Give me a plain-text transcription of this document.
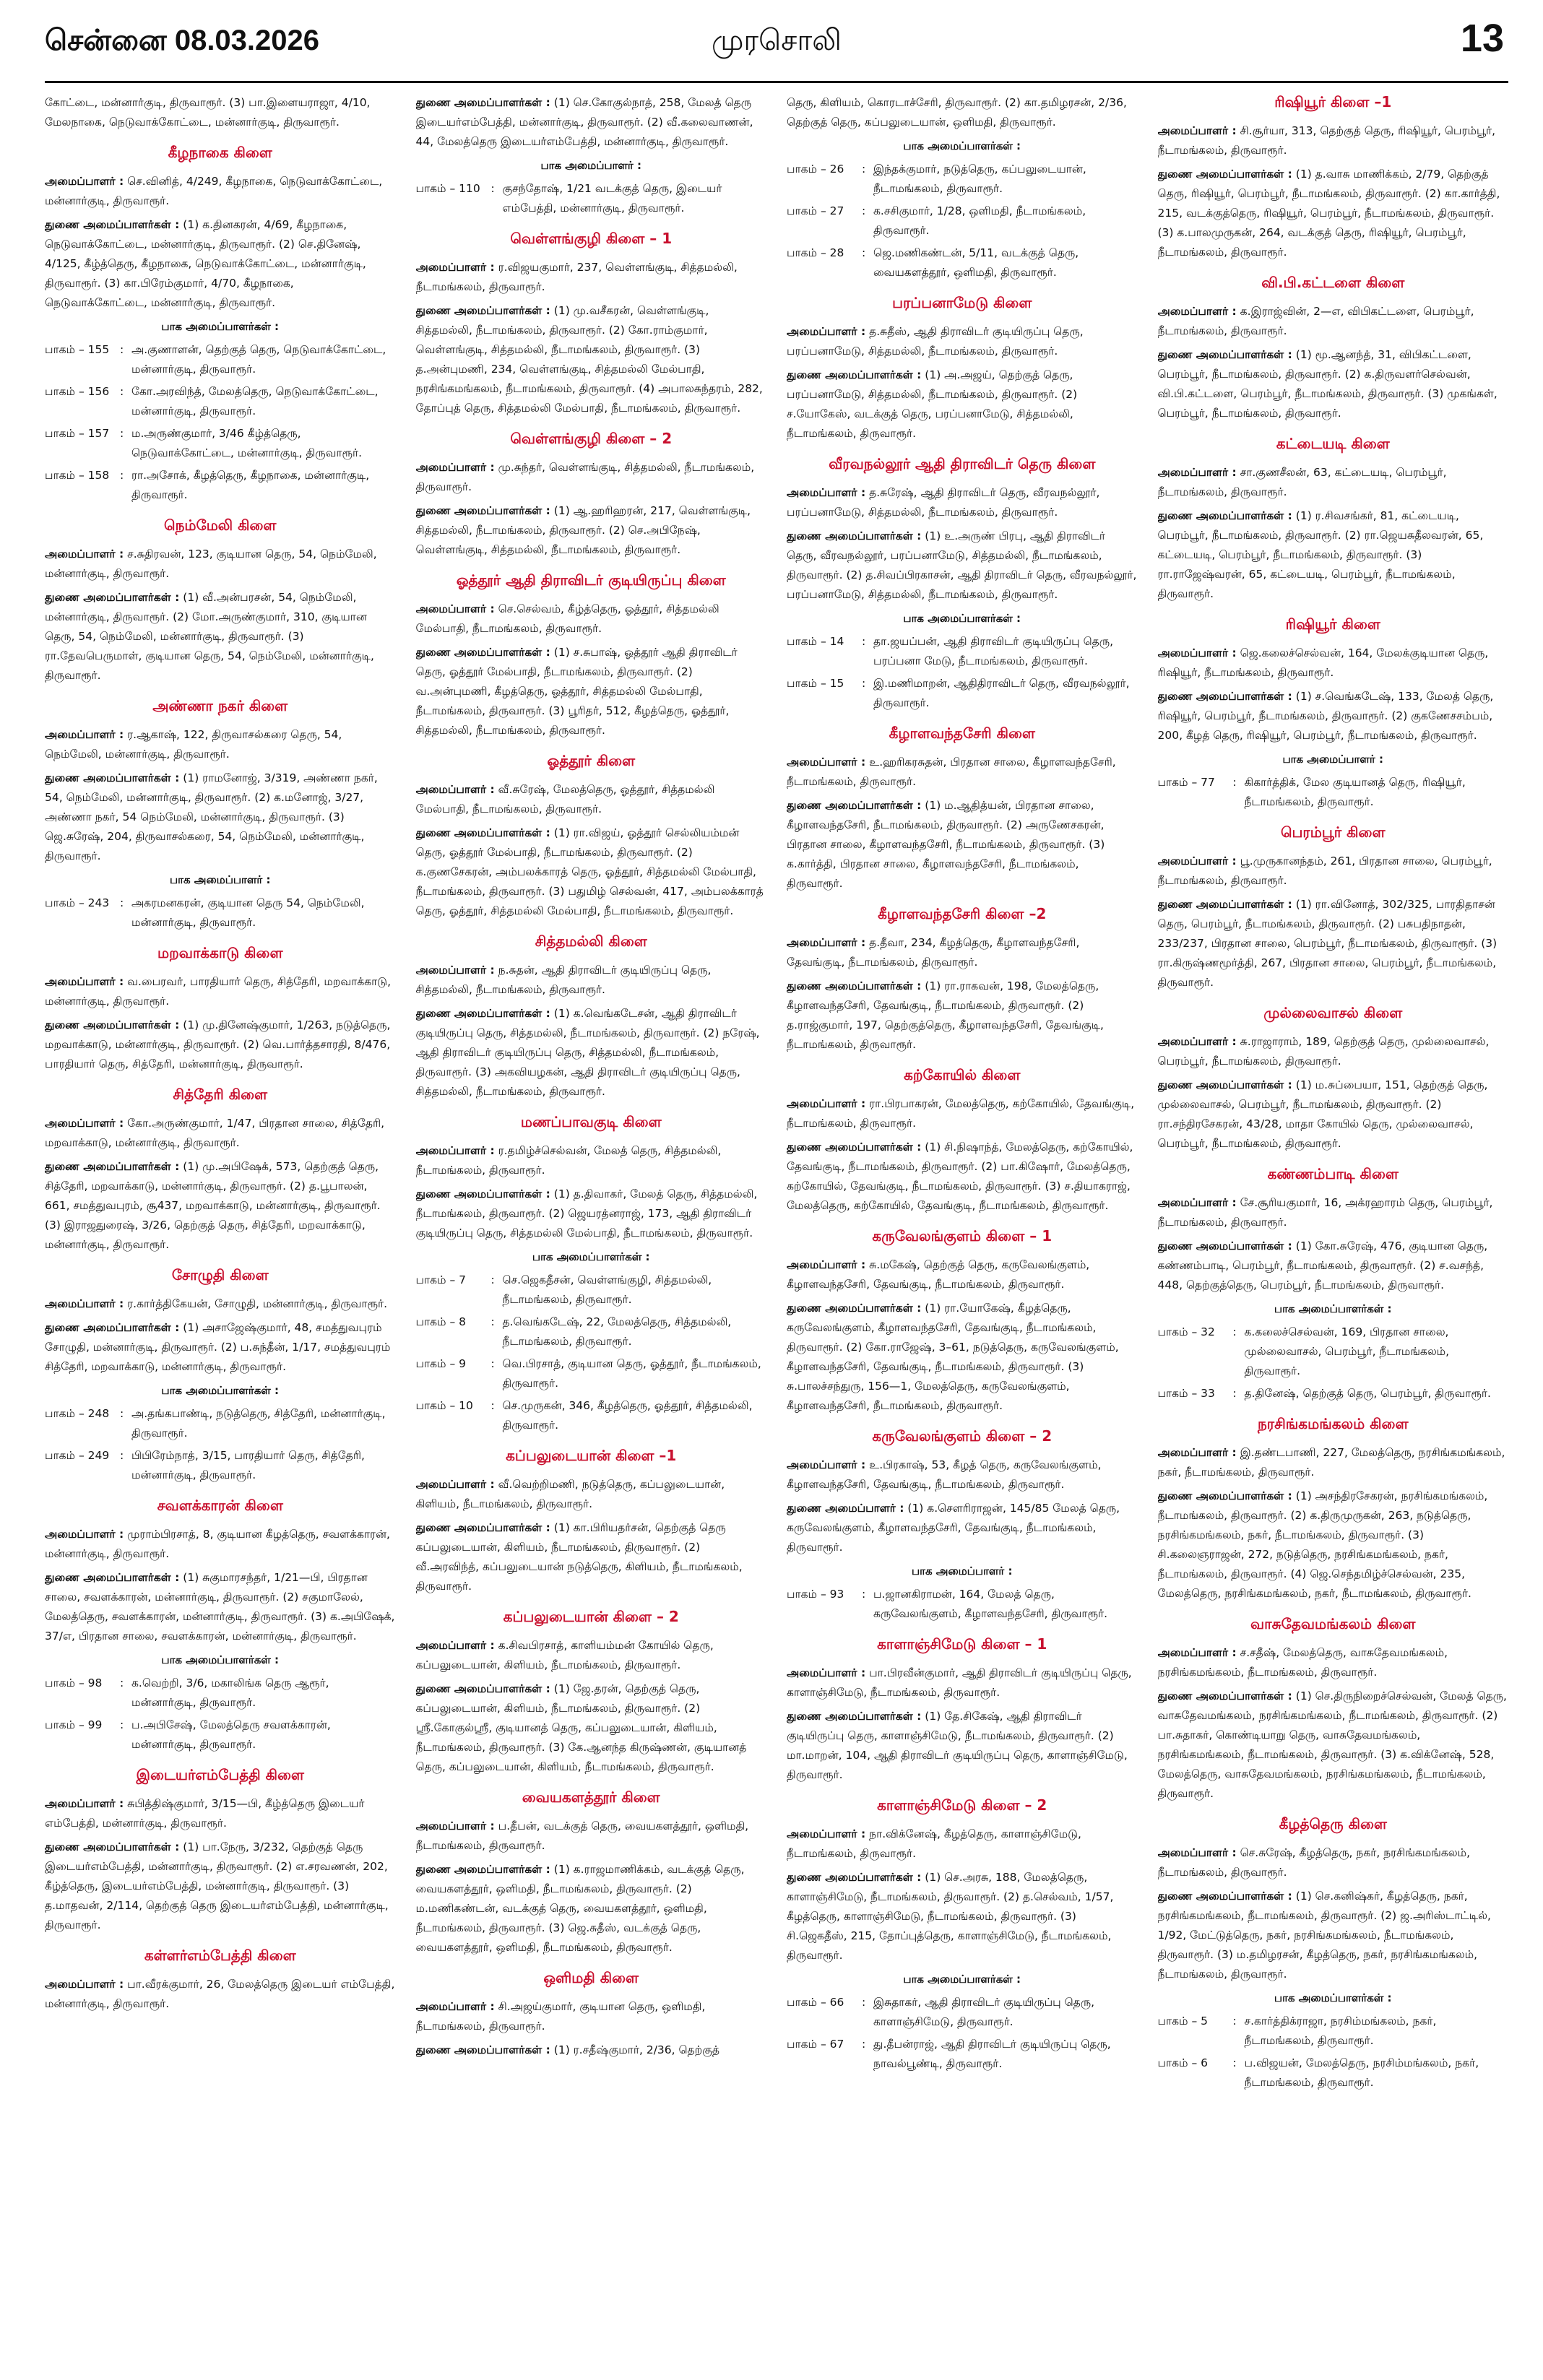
சென்னை 08.03.2026	முரசொலி	13

கோட்டை, மன்னார்குடி, திருவாரூர். (3) பா.இளையராஜா, 4/10, மேலநாகை, நெடுவாக்கோட்டை, மன்னார்குடி, திருவாரூர்.

கீழநாகை கிளை

அமைப்பாளர் : செ.வினித், 4/249, கீழநாகை, நெடுவாக்கோட்டை, மன்னார்குடி, திருவாரூர்.

துணை அமைப்பாளர்கள் : (1) க.தினகரன், 4/69, கீழநாகை, நெடுவாக்கோட்டை, மன்னார்குடி, திருவாரூர். (2) செ.தினேஷ், 4/125, கீழ்த்தெரு, கீழநாகை, நெடுவாக்கோட்டை, மன்னார்குடி, திருவாரூர். (3) கா.பிரேம்குமார், 4/70, கீழநாகை, நெடுவாக்கோட்டை, மன்னார்குடி, திருவாரூர்.

பாக அமைப்பாளர்கள் :
பாகம் – 155 : அ.குணாளன், தெற்குத் தெரு, நெடுவாக்கோட்டை, மன்னார்குடி, திருவாரூர்.
பாகம் – 156 : கோ.அரவிந்த், மேலத்தெரு, நெடுவாக்கோட்டை, மன்னார்குடி, திருவாரூர்.
பாகம் – 157 : ம.அருண்குமார், 3/46 கீழ்த்தெரு, நெடுவாக்கோட்டை, மன்னார்குடி, திருவாரூர்.
பாகம் – 158 : ரா.அசோக், கீழத்தெரு, கீழநாகை, மன்னார்குடி, திருவாரூர்.
நெம்மேலி கிளை

அமைப்பாளர் : ச.சுதிரவன், 123, குடியான தெரு, 54, நெம்மேலி, மன்னார்குடி, திருவாரூர்.

துணை அமைப்பாளர்கள் : (1) வீ.அன்பரசன், 54, நெம்மேலி, மன்னார்குடி, திருவாரூர். (2) மோ.அருண்குமார், 310, குடியான தெரு, 54, நெம்மேலி, மன்னார்குடி, திருவாரூர். (3) ரா.தேவபெருமாள், குடியான தெரு, 54, நெம்மேலி, மன்னார்குடி, திருவாரூர்.

அண்ணா நகர் கிளை

அமைப்பாளர் : ர.ஆகாஷ், 122, திருவாசல்கரை தெரு, 54, நெம்மேலி, மன்னார்குடி, திருவாரூர்.

துணை அமைப்பாளர்கள் : (1) ராமனோஜ், 3/319, அண்ணா நகர், 54, நெம்மேலி, மன்னார்குடி, திருவாரூர். (2) க.மனோஜ், 3/27, அண்ணா நகர், 54 நெம்மேலி, மன்னார்குடி, திருவாரூர். (3) ஜெ.சுரேஷ், 204, திருவாசல்கரை, 54, நெம்மேலி, மன்னார்குடி, திருவாரூர்.

பாக அமைப்பாளர் :
பாகம் – 243 : அகரமனகரன், குடியான தெரு 54, நெம்மேலி, மன்னார்குடி, திருவாரூர்.
மறவாக்காடு கிளை

அமைப்பாளர் : வ.பைரவர், பாரதியார் தெரு, சித்தேரி, மறவாக்காடு, மன்னார்குடி, திருவாரூர்.

துணை அமைப்பாளர்கள் : (1) மு.தினேஷ்குமார், 1/263, நடுத்தெரு, மறவாக்காடு, மன்னார்குடி, திருவாரூர். (2) வெ.பார்த்தசாரதி, 8/476, பாரதியார் தெரு, சித்தேரி, மன்னார்குடி, திருவாரூர்.

சித்தேரி கிளை

அமைப்பாளர் : கோ.அருண்குமார், 1/47, பிரதான சாலை, சித்தேரி, மறவாக்காடு, மன்னார்குடி, திருவாரூர்.

துணை அமைப்பாளர்கள் : (1) மு.அபிஷேக், 573, தெற்குத் தெரு, சித்தேரி, மறவாக்காடு, மன்னார்குடி, திருவாரூர். (2) த.பூபாலன், 661, சமத்துவபுரம், சூ437, மறவாக்காடு, மன்னார்குடி, திருவாரூர். (3) இராஜதுரைஷ், 3/26, தெற்குத் தெரு, சித்தேரி, மறவாக்காடு, மன்னார்குடி, திருவாரூர்.

சோழுதி கிளை

அமைப்பாளர் : ர.கார்த்திகேயன், சோழுதி, மன்னார்குடி, திருவாரூர்.

துணை அமைப்பாளர்கள் : (1) அசாஜேஷ்குமார், 48, சமத்துவபுரம் சோழுதி, மன்னார்குடி, திருவாரூர். (2) ப.சுந்தீன், 1/17, சமத்துவபுரம் சித்தேரி, மறவாக்காடு, மன்னார்குடி, திருவாரூர்.

பாக அமைப்பாளர்கள் :
பாகம் – 248 : அ.தங்கபாண்டி, நடுத்தெரு, சித்தேரி, மன்னார்குடி, திருவாரூர்.
பாகம் – 249 : பிபிரேம்நாத், 3/15, பாரதியார் தெரு, சித்தேரி, மன்னார்குடி, திருவாரூர்.
சவளக்காரன் கிளை

அமைப்பாளர் : முராம்பிரசாத், 8, குடியான கீழத்தெரு, சவளக்காரன், மன்னார்குடி, திருவாரூர்.

துணை அமைப்பாளர்கள் : (1) சுகுமாரசந்தர், 1/21—பி, பிரதான சாலை, சவளக்காரன், மன்னார்குடி, திருவாரூர். (2) சகுமாலேல், மேலத்தெரு, சவளக்காரன், மன்னார்குடி, திருவாரூர். (3) க.அபிஷேக், 37/எ, பிரதான சாலை, சவளக்காரன், மன்னார்குடி, திருவாரூர்.

பாக அமைப்பாளர்கள் :
பாகம் – 98	: க.வெற்றி, 3/6, மகாலிங்க தெரு ஆரூர், மன்னார்குடி, திருவாரூர்.
பாகம் – 99	: ப.அபிசேஷ், மேலத்தெரு சவளக்காரன், மன்னார்குடி, திருவாரூர்.
இடையர்எம்பேத்தி கிளை

அமைப்பாளர் : சுபித்திஷ்குமார், 3/15—பி, கீழ்த்தெரு இடையர் எம்பேத்தி, மன்னார்குடி, திருவாரூர்.

துணை அமைப்பாளர்கள் : (1) பா.நேரு, 3/232, தெற்குத் தெரு இடையர்எம்பேத்தி, மன்னார்குடி, திருவாரூர். (2) எ.சரவணன், 202, கீழ்த்தெரு, இடையர்எம்பேத்தி, மன்னார்குடி, திருவாரூர். (3) த.மாதவன், 2/114, தெற்குத் தெரு இடையர்எம்பேத்தி, மன்னார்குடி, திருவாரூர்.

கள்ளர்எம்பேத்தி கிளை

அமைப்பாளர் : பா.வீரக்குமார், 26, மேலத்தெரு இடையர் எம்பேத்தி, மன்னார்குடி, திருவாரூர்.

துணை அமைப்பாளர்கள் : (1) செ.கோகுல்நாத், 258, மேலத் தெரு இடையர்எம்பேத்தி, மன்னார்குடி, திருவாரூர். (2) வீ.கலைவாணன், 44, மேலத்தெரு இடையர்எம்பேத்தி, மன்னார்குடி, திருவாரூர்.

பாக அமைப்பாளர் :
பாகம் – 110 : குசந்தோஷ், 1/21 வடக்குத் தெரு, இடையர் எம்பேத்தி, மன்னார்குடி, திருவாரூர்.
வெள்ளங்குழி கிளை – 1

அமைப்பாளர் : ர.விஜயகுமார், 237, வெள்ளங்குடி, சித்தமல்லி, நீடாமங்கலம், திருவாரூர்.

துணை அமைப்பாளர்கள் : (1) மு.வசீகரன், வெள்ளங்குடி, சித்தமல்லி, நீடாமங்கலம், திருவாரூர். (2) கோ.ராம்குமார், வெள்ளங்குடி, சித்தமல்லி, நீடாமங்கலம், திருவாரூர். (3) த.அன்புமணி, 234, வெள்ளங்குடி, சித்தமல்லி மேல்பாதி, நரசிங்கமங்கலம், நீடாமங்கலம், திருவாரூர். (4) அபாலசுந்தரம், 282, தோப்புத் தெரு, சித்தமல்லி மேல்பாதி, நீடாமங்கலம், திருவாரூர்.

வெள்ளங்குழி கிளை – 2

அமைப்பாளர் : மு.சுந்தர், வெள்ளங்குடி, சித்தமல்லி, நீடாமங்கலம், திருவாரூர்.

துணை அமைப்பாளர்கள் : (1) ஆ.ஹரிஹரன், 217, வெள்ளங்குடி, சித்தமல்லி, நீடாமங்கலம், திருவாரூர். (2) செ.அபிநேஷ், வெள்ளங்குடி, சித்தமல்லி, நீடாமங்கலம், திருவாரூர்.

ஓத்தூர் ஆதி திராவிடர் குடியிருப்பு கிளை

அமைப்பாளர் : செ.செல்வம், கீழ்த்தெரு, ஓத்தூர், சித்தமல்லி மேல்பாதி, நீடாமங்கலம், திருவாரூர்.

துணை அமைப்பாளர்கள் : (1) ச.சுபாஷ், ஓத்தூர் ஆதி திராவிடர் தெரு, ஓத்தூர் மேல்பாதி, நீடாமங்கலம், திருவாரூர். (2) வ.அன்புமணி, கீழத்தெரு, ஓத்தூர், சித்தமல்லி மேல்பாதி, நீடாமங்கலம், திருவாரூர். (3) பூரிதர், 512, கீழத்தெரு, ஓத்தூர், சித்தமல்லி, நீடாமங்கலம், திருவாரூர்.

ஓத்தூர் கிளை

அமைப்பாளர் : வீ.சுரேஷ், மேலத்தெரு, ஓத்தூர், சித்தமல்லி மேல்பாதி, நீடாமங்கலம், திருவாரூர்.

துணை அமைப்பாளர்கள் : (1) ரா.விஜய், ஓத்தூர் செல்லியம்மன் தெரு, ஓத்தூர் மேல்பாதி, நீடாமங்கலம், திருவாரூர். (2) க.குணசேகரன், அம்பலக்காரத் தெரு, ஓத்தூர், சித்தமல்லி மேல்பாதி, நீடாமங்கலம், திருவாரூர். (3) பதுமிழ் செல்வன், 417, அம்பலக்காரத் தெரு, ஓத்தூர், சித்தமல்லி மேல்பாதி, நீடாமங்கலம், திருவாரூர்.

சித்தமல்லி கிளை

அமைப்பாளர் : ந.சுதன், ஆதி திராவிடர் குடியிருப்பு தெரு, சித்தமல்லி, நீடாமங்கலம், திருவாரூர்.

துணை அமைப்பாளர்கள் : (1) க.வெங்கடேசன், ஆதி திராவிடர் குடியிருப்பு தெரு, சித்தமல்லி, நீடாமங்கலம், திருவாரூர். (2) நரேஷ், ஆதி திராவிடர் குடியிருப்பு தெரு, சித்தமல்லி, நீடாமங்கலம், திருவாரூர். (3) அகவியழகன், ஆதி திராவிடர் குடியிருப்பு தெரு, சித்தமல்லி, நீடாமங்கலம், திருவாரூர்.

மணப்பாவகுடி கிளை

அமைப்பாளர் : ர.தமிழ்ச்செல்வன், மேலத் தெரு, சித்தமல்லி, நீடாமங்கலம், திருவாரூர்.

துணை அமைப்பாளர்கள் : (1) த.திவாகர், மேலத் தெரு, சித்தமல்லி, நீடாமங்கலம், திருவாரூர். (2) ஜெயரத்னராஜ், 173, ஆதி திராவிடர் குடியிருப்பு தெரு, சித்தமல்லி மேல்பாதி, நீடாமங்கலம், திருவாரூர்.

பாக அமைப்பாளர்கள் :
பாகம் – 7	: செ.ஜெகதீசன், வெள்ளங்குழி, சித்தமல்லி, நீடாமங்கலம், திருவாரூர்.
பாகம் – 8	: த.வெங்கடேஷ், 22, மேலத்தெரு, சித்தமல்லி, நீடாமங்கலம், திருவாரூர்.
பாகம் – 9	: வெ.பிரசாத், குடியான தெரு, ஓத்தூர், நீடாமங்கலம், திருவாரூர்.
பாகம் – 10	: செ.முருகன், 346, கீழத்தெரு, ஓத்தூர், சித்தமல்லி, திருவாரூர்.
கப்பலுடையான் கிளை –1

அமைப்பாளர் : வீ.வெற்றிமணி, நடுத்தெரு, கப்பலுடையான், கிளியம், நீடாமங்கலம், திருவாரூர்.

துணை அமைப்பாளர்கள் : (1) கா.பிரியதர்சன், தெற்குத் தெரு கப்பலுடையான், கிளியம், நீடாமங்கலம், திருவாரூர். (2) வீ.அரவிந்த், கப்பலுடையான் நடுத்தெரு, கிளியம், நீடாமங்கலம், திருவாரூர்.

கப்பலுடையான் கிளை – 2

அமைப்பாளர் : க.சிவபிரசாத், காளியம்மன் கோயில் தெரு, கப்பலுடையான், கிளியம், நீடாமங்கலம், திருவாரூர்.

துணை அமைப்பாளர்கள் : (1) ஜே.தரன், தெற்குத் தெரு, கப்பலுடையான், கிளியம், நீடாமங்கலம், திருவாரூர். (2) ஸ்ரீ.கோகுல்ஸ்ரீ, குடியானத் தெரு, கப்பலுடையான், கிளியம், நீடாமங்கலம், திருவாரூர். (3) கே.ஆனந்த கிருஷ்ணன், குடியானத் தெரு, கப்பலுடையான், கிளியம், நீடாமங்கலம், திருவாரூர்.

வையகளத்தூர் கிளை

அமைப்பாளர் : ப.தீபன், வடக்குத் தெரு, வையகளத்தூர், ஒளிமதி, நீடாமங்கலம், திருவாரூர்.

துணை அமைப்பாளர்கள் : (1) க.ராஜமாணிக்கம், வடக்குத் தெரு, வையகளத்தூர், ஒளிமதி, நீடாமங்கலம், திருவாரூர். (2) ம.மணிகண்டன், வடக்குத் தெரு, வையகளத்தூர், ஒளிமதி, நீடாமங்கலம், திருவாரூர். (3) ஜெ.சுதீஸ், வடக்குத் தெரு, வையகளத்தூர், ஒளிமதி, நீடாமங்கலம், திருவாரூர்.

ஒளிமதி கிளை

அமைப்பாளர் : சி.அஜய்குமார், குடியான தெரு, ஒளிமதி, நீடாமங்கலம், திருவாரூர்.

துணை அமைப்பாளர்கள் : (1) ர.சதீஷ்குமார், 2/36, தெற்குத்

தெரு, கிளியம், கொரடாச்சேரி, திருவாரூர். (2) கா.தமிழரசன், 2/36, தெற்குத் தெரு, கப்பலுடையான், ஒளிமதி, திருவாரூர்.

பாக அமைப்பாளர்கள் :
பாகம் – 26	: இந்தக்குமார், நடுத்தெரு, கப்பலுடையான், நீடாமங்கலம், திருவாரூர்.
பாகம் – 27	: க.சசிகுமார், 1/28, ஒளிமதி, நீடாமங்கலம், திருவாரூர்.
பாகம் – 28	: ஜெ.மணிகண்டன், 5/11, வடக்குத் தெரு, வையகளத்தூர், ஒளிமதி, திருவாரூர்.
பரப்பனாமேடு கிளை

அமைப்பாளர் : த.சுதீஸ், ஆதி திராவிடர் குடியிருப்பு தெரு, பரப்பனாமேடு, சித்தமல்லி, நீடாமங்கலம், திருவாரூர்.

துணை அமைப்பாளர்கள் : (1) அ.அஜய், தெற்குத் தெரு, பரப்பனாமேடு, சித்தமல்லி, நீடாமங்கலம், திருவாரூர். (2) ச.யோகேஸ், வடக்குத் தெரு, பரப்பனாமேடு, சித்தமல்லி, நீடாமங்கலம், திருவாரூர்.

வீரவநல்லூர் ஆதி திராவிடர் தெரு கிளை

அமைப்பாளர் : த.சுரேஷ், ஆதி திராவிடர் தெரு, வீரவநல்லூர், பரப்பனாமேடு, சித்தமல்லி, நீடாமங்கலம், திருவாரூர்.

துணை அமைப்பாளர்கள் : (1) உ.அருண் பிரபு, ஆதி திராவிடர் தெரு, வீரவநல்லூர், பரப்பனாமேடு, சித்தமல்லி, நீடாமங்கலம், திருவாரூர். (2) த.சிவப்பிரகாசன், ஆதி திராவிடர் தெரு, வீரவநல்லூர், பரப்பனாமேடு, சித்தமல்லி, நீடாமங்கலம், திருவாரூர்.

பாக அமைப்பாளர்கள் :
பாகம் – 14	: தா.ஜயப்பன், ஆதி திராவிடர் குடியிருப்பு தெரு, பரப்பனா மேடு, நீடாமங்கலம், திருவாரூர்.
பாகம் – 15	: இ.மணிமாறன், ஆதிதிராவிடர் தெரு, வீரவநல்லூர், திருவாரூர்.
கீழாளவந்தசேரி கிளை

அமைப்பாளர் : உ.ஹரிகரசுதன், பிரதான சாலை, கீழாளவந்தசேரி, நீடாமங்கலம், திருவாரூர்.

துணை அமைப்பாளர்கள் : (1) ம.ஆதித்யன், பிரதான சாலை, கீழாளவந்தசேரி, நீடாமங்கலம், திருவாரூர். (2) அருணேசகரன், பிரதான சாலை, கீழாளவந்தசேரி, நீடாமங்கலம், திருவாரூர். (3) க.கார்த்தி, பிரதான சாலை, கீழாளவந்தசேரி, நீடாமங்கலம், திருவாரூர்.

கீழாளவந்தசேரி கிளை –2

அமைப்பாளர் : த.தீவா, 234, கீழத்தெரு, கீழாளவந்தசேரி, தேவங்குடி, நீடாமங்கலம், திருவாரூர்.

துணை அமைப்பாளர்கள் : (1) ரா.ராகவன், 198, மேலத்தெரு, கீழாளவந்தசேரி, தேவங்குடி, நீடாமங்கலம், திருவாரூர். (2) த.ராஜ்குமார், 197, தெற்குத்தெரு, கீழாளவந்தசேரி, தேவங்குடி, நீடாமங்கலம், திருவாரூர்.

கற்கோயில் கிளை

அமைப்பாளர் : ரா.பிரபாகரன், மேலத்தெரு, கற்கோயில், தேவங்குடி, நீடாமங்கலம், திருவாரூர்.

துணை அமைப்பாளர்கள் : (1) சி.நிஷாந்த், மேலத்தெரு, கற்கோயில், தேவங்குடி, நீடாமங்கலம், திருவாரூர். (2) பா.கிஷோர், மேலத்தெரு, கற்கோயில், தேவங்குடி, நீடாமங்கலம், திருவாரூர். (3) ச.தியாகராஜ், மேலத்தெரு, கற்கோயில், தேவங்குடி, நீடாமங்கலம், திருவாரூர்.

கருவேலங்குளம் கிளை – 1

அமைப்பாளர் : சு.மகேஷ், தெற்குத் தெரு, கருவேலங்குளம், கீழாளவந்தசேரி, தேவங்குடி, நீடாமங்கலம், திருவாரூர்.

துணை அமைப்பாளர்கள் : (1) ரா.யோகேஷ், கீழத்தெரு, கருவேலங்குளம், கீழாளவந்தசேரி, தேவங்குடி, நீடாமங்கலம், திருவாரூர். (2) கோ.ராஜேஷ், 3–61, நடுத்தெரு, கருவேலங்குளம், கீழாளவந்தசேரி, தேவங்குடி, நீடாமங்கலம், திருவாரூர். (3) சு.பாலச்சந்துரு, 156—1, மேலத்தெரு, கருவேலங்குளம், கீழாளவந்தசேரி, நீடாமங்கலம், திருவாரூர்.

கருவேலங்குளம் கிளை – 2

அமைப்பாளர் : உ.பிரகாஷ், 53, கீழத் தெரு, கருவேலங்குளம், கீழாளவந்தசேரி, தேவங்குடி, நீடாமங்கலம், திருவாரூர்.

துணை அமைப்பாளர் : (1) க.செளரிராஜன், 145/85 மேலத் தெரு, கருவேலங்குளம், கீழாளவந்தசேரி, தேவங்குடி, நீடாமங்கலம், திருவாரூர்.

பாக அமைப்பாளர் :
பாகம் – 93	: ப.ஜானகிராமன், 164, மேலத் தெரு, கருவேலங்குளம், கீழாளவந்தசேரி, திருவாரூர்.
காளாஞ்சிமேடு கிளை – 1

அமைப்பாளர் : பா.பிரவீன்குமார், ஆதி திராவிடர் குடியிருப்பு தெரு, காளாஞ்சிமேடு, நீடாமங்கலம், திருவாரூர்.

துணை அமைப்பாளர்கள் : (1) தே.சிகேஷ், ஆதி திராவிடர் குடியிருப்பு தெரு, காளாஞ்சிமேடு, நீடாமங்கலம், திருவாரூர். (2) மா.மாறன், 104, ஆதி திராவிடர் குடியிருப்பு தெரு, காளாஞ்சிமேடு, திருவாரூர்.

காளாஞ்சிமேடு கிளை – 2

அமைப்பாளர் : நா.விக்னேஷ், கீழத்தெரு, காளாஞ்சிமேடு, நீடாமங்கலம், திருவாரூர்.

துணை அமைப்பாளர்கள் : (1) செ.அரசு, 188, மேலத்தெரு, காளாஞ்சிமேடு, நீடாமங்கலம், திருவாரூர். (2) த.செல்வம், 1/57, கீழத்தெரு, காளாஞ்சிமேடு, நீடாமங்கலம், திருவாரூர். (3) சி.ஜெகதீஸ், 215, தோப்புத்தெரு, காளாஞ்சிமேடு, நீடாமங்கலம், திருவாரூர்.

பாக அமைப்பாளர்கள் :
பாகம் – 66	: இசுதாகர், ஆதி திராவிடர் குடியிருப்பு தெரு, காளாஞ்சிமேடு, திருவாரூர்.
பாகம் – 67	: து.தீபன்ராஜ், ஆதி திராவிடர் குடியிருப்பு தெரு, நாவல்பூண்டி, திருவாரூர்.
ரிஷியூர் கிளை –1

அமைப்பாளர் : சி.சூர்யா, 313, தெற்குத் தெரு, ரிஷியூர், பெரம்பூர், நீடாமங்கலம், திருவாரூர்.

துணை அமைப்பாளர்கள் : (1) த.வாசு மாணிக்கம், 2/79, தெற்குத் தெரு, ரிஷியூர், பெரம்பூர், நீடாமங்கலம், திருவாரூர். (2) கா.கார்த்தி, 215, வடக்குத்தெரு, ரிஷியூர், பெரம்பூர், நீடாமங்கலம், திருவாரூர். (3) க.பாலமுருகன், 264, வடக்குத் தெரு, ரிஷியூர், பெரம்பூர், நீடாமங்கலம், திருவாரூர்.

வி.பி.கட்டளை கிளை

அமைப்பாளர் : க.இராஜ்வின், 2—எ, விபிகட்டளை, பெரம்பூர், நீடாமங்கலம், திருவாரூர்.

துணை அமைப்பாளர்கள் : (1) மூ.ஆனந்த், 31, விபிகட்டளை, பெரம்பூர், நீடாமங்கலம், திருவாரூர். (2) க.திருவளர்செல்வன், வி.பி.கட்டளை, பெரம்பூர், நீடாமங்கலம், திருவாரூர். (3) முகங்கள், பெரம்பூர், நீடாமங்கலம், திருவாரூர்.

கட்டையடி கிளை

அமைப்பாளர் : சா.குணசீலன், 63, கட்டையடி, பெரம்பூர், நீடாமங்கலம், திருவாரூர்.

துணை அமைப்பாளர்கள் : (1) ர.சிவசங்கர், 81, கட்டையடி, பெரம்பூர், நீடாமங்கலம், திருவாரூர். (2) ரா.ஜெயசுதீலவரன், 65, கட்டையடி, பெரம்பூர், நீடாமங்கலம், திருவாரூர். (3) ரா.ராஜேஷ்வரன், 65, கட்டையடி, பெரம்பூர், நீடாமங்கலம், திருவாரூர்.

ரிஷியூர் கிளை

அமைப்பாளர் : ஜெ.கலைச்செல்வன், 164, மேலக்குடியான தெரு, ரிஷியூர், நீடாமங்கலம், திருவாரூர்.

துணை அமைப்பாளர்கள் : (1) ச.வெங்கடேஷ், 133, மேலத் தெரு, ரிஷியூர், பெரம்பூர், நீடாமங்கலம், திருவாரூர். (2) குகணேசசம்பம், 200, கீழத் தெரு, ரிஷியூர், பெரம்பூர், நீடாமங்கலம், திருவாரூர்.

பாக அமைப்பாளர் :
பாகம் – 77	: கிகார்த்திக், மேல குடியானத் தெரு, ரிஷியூர், நீடாமங்கலம், திருவாரூர்.
பெரம்பூர் கிளை

அமைப்பாளர் : பூ.முருகானந்தம், 261, பிரதான சாலை, பெரம்பூர், நீடாமங்கலம், திருவாரூர்.

துணை அமைப்பாளர்கள் : (1) ரா.வினோத், 302/325, பாரதிதாசன் தெரு, பெரம்பூர், நீடாமங்கலம், திருவாரூர். (2) பசுபதிநாதன், 233/237, பிரதான சாலை, பெரம்பூர், நீடாமங்கலம், திருவாரூர். (3) ரா.கிருஷ்ணமூர்த்தி, 267, பிரதான சாலை, பெரம்பூர், நீடாமங்கலம், திருவாரூர்.

முல்லைவாசல் கிளை

அமைப்பாளர் : சு.ராஜாராம், 189, தெற்குத் தெரு, முல்லைவாசல், பெரம்பூர், நீடாமங்கலம், திருவாரூர்.

துணை அமைப்பாளர்கள் : (1) ம.சுப்பையா, 151, தெற்குத் தெரு, முல்லைவாசல், பெரம்பூர், நீடாமங்கலம், திருவாரூர். (2) ரா.சந்திரசேகரன், 43/28, மாதா கோயில் தெரு, முல்லைவாசல், பெரம்பூர், நீடாமங்கலம், திருவாரூர்.

கண்ணம்பாடி கிளை

அமைப்பாளர் : சே.சூரியகுமார், 16, அக்ரஹாரம் தெரு, பெரம்பூர், நீடாமங்கலம், திருவாரூர்.

துணை அமைப்பாளர்கள் : (1) கோ.சுரேஷ், 476, குடியான தெரு, கண்ணம்பாடி, பெரம்பூர், நீடாமங்கலம், திருவாரூர். (2) ச.வசந்த், 448, தெற்குத்தெரு, பெரம்பூர், நீடாமங்கலம், திருவாரூர்.

பாக அமைப்பாளர்கள் :
பாகம் – 32	: க.கலைச்செல்வன், 169, பிரதான சாலை, முல்லைவாசல், பெரம்பூர், நீடாமங்கலம், திருவாரூர்.
பாகம் – 33	: த.தினேஷ், தெற்குத் தெரு, பெரம்பூர், திருவாரூர்.
நரசிங்கமங்கலம் கிளை

அமைப்பாளர் : இ.தண்டபாணி, 227, மேலத்தெரு, நரசிங்கமங்கலம், நகர், நீடாமங்கலம், திருவாரூர்.

துணை அமைப்பாளர்கள் : (1) அசந்திரசேகரன், நரசிங்கமங்கலம், நீடாமங்கலம், திருவாரூர். (2) க.திருமுருகன், 263, நடுத்தெரு, நரசிங்கமங்கலம், நகர், நீடாமங்கலம், திருவாரூர். (3) சி.கலைஞராஜன், 272, நடுத்தெரு, நரசிங்கமங்கலம், நகர், நீடாமங்கலம், திருவாரூர். (4) ஜெ.செந்தமிழ்ச்செல்வன், 235, மேலத்தெரு, நரசிங்கமங்கலம், நகர், நீடாமங்கலம், திருவாரூர்.

வாசுதேவமங்கலம் கிளை

அமைப்பாளர் : ச.சதீஷ், மேலத்தெரு, வாசுதேவமங்கலம், நரசிங்கமங்கலம், நீடாமங்கலம், திருவாரூர்.

துணை அமைப்பாளர்கள் : (1) செ.திருநிறைச்செல்வன், மேலத் தெரு, வாசுதேவமங்கலம், நரசிங்கமங்கலம், நீடாமங்கலம், திருவாரூர். (2) பா.சுதாகர், கொண்டியாறு தெரு, வாசுதேவமங்கலம், நரசிங்கமங்கலம், நீடாமங்கலம், திருவாரூர். (3) க.விக்னேஷ், 528, மேலத்தெரு, வாசுதேவமங்கலம், நரசிங்கமங்கலம், நீடாமங்கலம், திருவாரூர்.

கீழத்தெரு கிளை

அமைப்பாளர் : செ.சுரேஷ், கீழத்தெரு, நகர், நரசிங்கமங்கலம், நீடாமங்கலம், திருவாரூர்.

துணை அமைப்பாளர்கள் : (1) செ.கனிஷ்கர், கீழத்தெரு, நகர், நரசிங்கமங்கலம், நீடாமங்கலம், திருவாரூர். (2) ஜ.அரிஸ்டாட்டில், 1/92, மேட்டுத்தெரு, நகர், நரசிங்கமங்கலம், நீடாமங்கலம், திருவாரூர். (3) ம.தமிழரசன், கீழத்தெரு, நகர், நரசிங்கமங்கலம், நீடாமங்கலம், திருவாரூர்.

பாக அமைப்பாளர்கள் :
பாகம் – 5	: ச.கார்த்திக்ராஜா, நரசிம்மங்கலம், நகர், நீடாமங்கலம், திருவாரூர்.
பாகம் – 6	: ப.விஜயன், மேலத்தெரு, நரசிம்மங்கலம், நகர், நீடாமங்கலம், திருவாரூர்.
